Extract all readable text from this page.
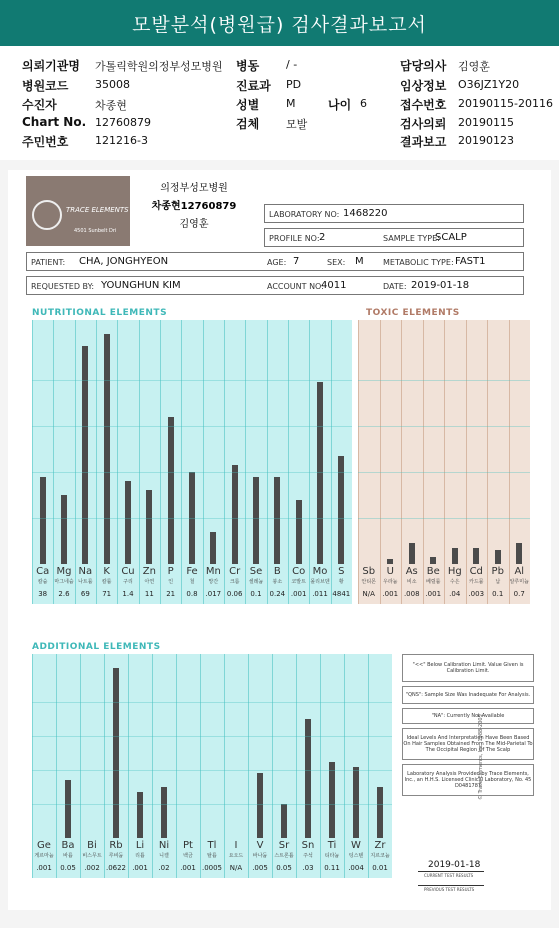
모발분석(병원급) 검사결과보고서
의뢰기관명 가톨릭학원의정부성모병원 병동 / -	담당의사 김영훈
병원코드 35008	진료과 PD	임상정보 O36JZ1Y20
수진자	차종현	성별 M	나이 6	접수번호 20190115-20116
Chart No. 12760879	검체 모발	검사의뢰 20190115
주민번호 121216-3	결과보고 20190123
TRACE ELEMENTS
4501 Sunbelt Dri
의정부성모병원
차종현12760879
김영훈
LABORATORY NO: 1468220
PROFILE NO: 2	SAMPLE TYPE:
SCALP
PATIENT: CHA, JONGHYEON	AGE: 7	SEX: M METABOLIC TYPE: FAST1
REQUESTED BY: YOUNGHUN KIM	ACCOUNT NO:
4011	DATE: 2019-01-18
NUTRITIONAL ELEMENTS
Ca
칼슘
38
Mg
마그네슘
2.6
Na
나트륨
69
K
칼륨
71
Cu
구리
1.4
Zn
아연
11
P
인
21
Fe
철
0.8
Mn
망간
.017
Cr
크롬
0.06
Se
셀레늄
0.1
B
붕소
0.24
Co
코발트
.001
Mo
몰리브덴
.011
S
황
4841
TOXIC ELEMENTS
Sb
안티몬
N/A
U
우라늄
.001
As
비소
.008
Be
베릴륨
.001
Hg
수은
.04
Cd
카드뮴
.003
Pb
납
0.1
Al
알루미늄
0.7
ADDITIONAL ELEMENTS
Ge
게르마늄
.001
Ba
바륨
0.05
Bi
비스무트
.002
Rb
루비듐
.0622
Li
리튬
.001
Ni
니켈
.02
Pt
백금
.001
Tl
탈륨
.0005
I
요오드
N/A
V
바나듐
.005
Sr
스트론튬
0.05
Sn
주석
.03
Ti
티타늄
0.11
W
텅스텐
.004
Zr
지르코늄
0.01
"<<" Below Calibration Limit. Value Given is Calibration Limit.
"QNS": Sample Size Was Inadequate For Analysis.
"NA": Currently Not Available
Ideal Levels And Interpretation Have Been Based On Hair Samples Obtained From The Mid-Parietal To The Occipital Region Of The Scalp
Laboratory Analysis Provided by Trace Elements, Inc., an H.H.S. Licensed Clinical Laboratory, No. 45 D0481787
2019-01-18
CURRENT TEST RESULTS
PREVIOUS TEST RESULTS
© Trace Elements, Inc. 1988-2005
